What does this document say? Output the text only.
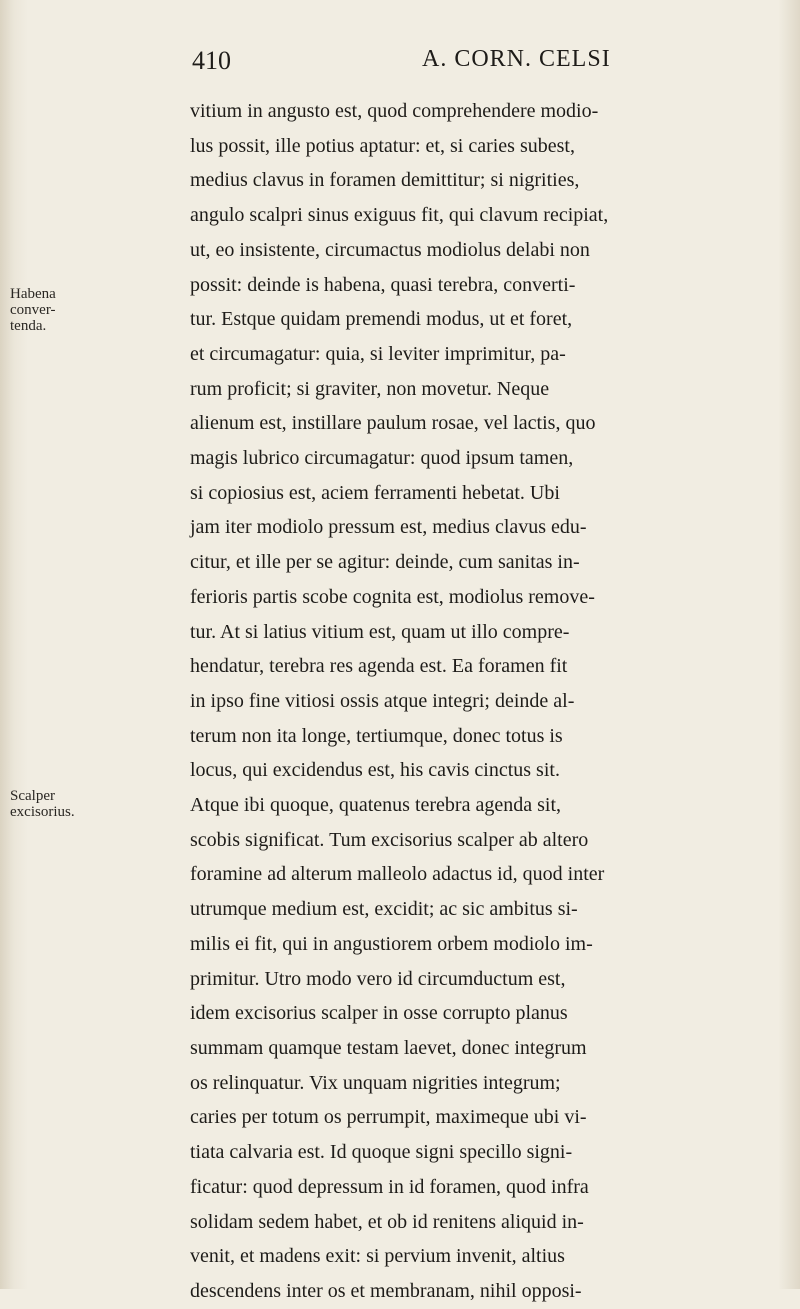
410	A. CORN. CELSI
Habena
conver-
tenda.
Scalper
excisorius.
vitium in angusto est, quod comprehendere modio-
lus possit, ille potius aptatur: et, si caries subest,
medius clavus in foramen demittitur; si nigrities,
angulo scalpri sinus exiguus fit, qui clavum recipiat,
ut, eo insistente, circumactus modiolus delabi non
possit: deinde is habena, quasi terebra, converti-
tur. Estque quidam premendi modus, ut et foret,
et circumagatur: quia, si leviter imprimitur, pa-
rum proficit; si graviter, non movetur. Neque
alienum est, instillare paulum rosae, vel lactis, quo
magis lubrico circumagatur: quod ipsum tamen,
si copiosius est, aciem ferramenti hebetat. Ubi
jam iter modiolo pressum est, medius clavus edu-
citur, et ille per se agitur: deinde, cum sanitas in-
ferioris partis scobe cognita est, modiolus remove-
tur. At si latius vitium est, quam ut illo compre-
hendatur, terebra res agenda est. Ea foramen fit
in ipso fine vitiosi ossis atque integri; deinde al-
terum non ita longe, tertiumque, donec totus is
locus, qui excidendus est, his cavis cinctus sit.
Atque ibi quoque, quatenus terebra agenda sit,
scobis significat. Tum excisorius scalper ab altero
foramine ad alterum malleolo adactus id, quod inter
utrumque medium est, excidit; ac sic ambitus si-
milis ei fit, qui in angustiorem orbem modiolo im-
primitur. Utro modo vero id circumductum est,
idem excisorius scalper in osse corrupto planus
summam quamque testam laevet, donec integrum
os relinquatur. Vix unquam nigrities integrum;
caries per totum os perrumpit, maximeque ubi vi-
tiata calvaria est. Id quoque signi specillo signi-
ficatur: quod depressum in id foramen, quod infra
solidam sedem habet, et ob id renitens aliquid in-
venit, et madens exit: si pervium invenit, altius
descendens inter os et membranam, nihil opposi-
